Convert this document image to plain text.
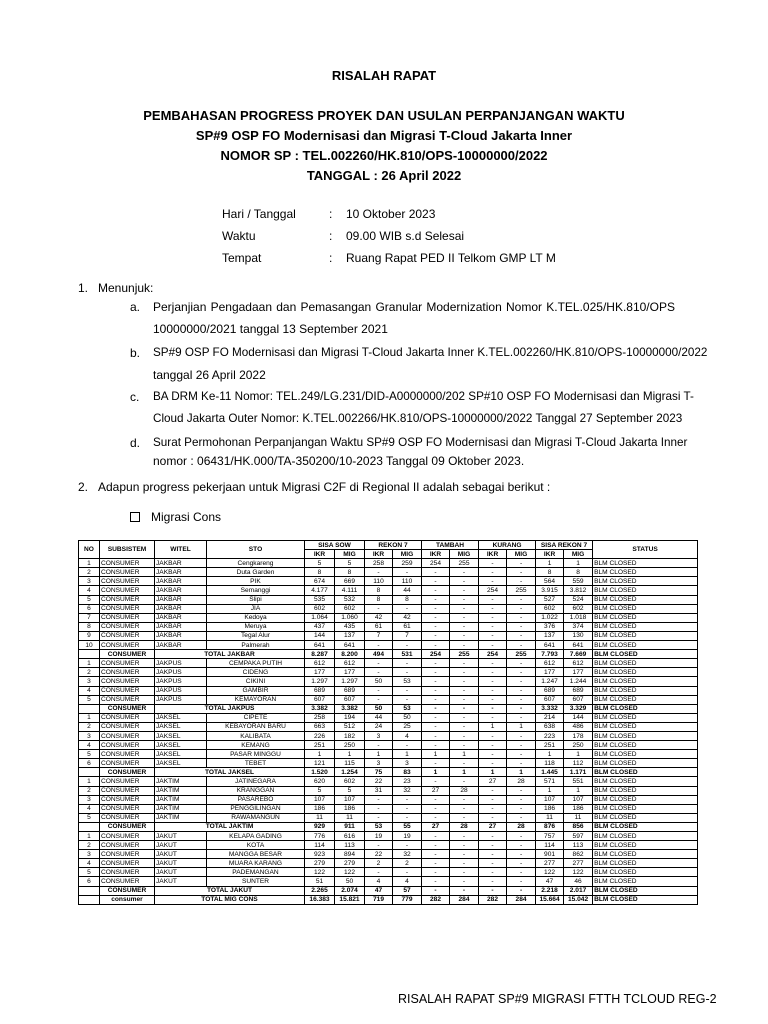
RISALAH RAPAT
PEMBAHASAN PROGRESS PROYEK DAN USULAN PERPANJANGAN WAKTU
SP#9 OSP FO Modernisasi dan Migrasi T-Cloud Jakarta Inner
NOMOR SP : TEL.002260/HK.810/OPS-10000000/2022
TANGGAL : 26 April 2022
Hari / Tanggal	: 10 Oktober 2023
Waktu	: 09.00 WIB s.d Selesai
Tempat	: Ruang Rapat PED II Telkom GMP LT M
1. Menunjuk:
a.	Perjanjian Pengadaan dan Pemasangan Granular Modernization Nomor K.TEL.025/HK.810/OPS
10000000/2021 tanggal 13 September 2021
b.	SP#9 OSP FO Modernisasi dan Migrasi T-Cloud Jakarta Inner K.TEL.002260/HK.810/OPS-10000000/2022
tanggal 26 April 2022
c.	BA DRM Ke-11 Nomor: TEL.249/LG.231/DID-A0000000/202 SP#10 OSP FO Modernisasi dan Migrasi T-
Cloud Jakarta Outer Nomor: K.TEL.002266/HK.810/OPS-10000000/2022 Tanggal 27 September 2023
d.	Surat Permohonan Perpanjangan Waktu SP#9 OSP FO Modernisasi dan Migrasi T-Cloud Jakarta Inner
nomor : 06431/HK.000/TA-350200/10-2023 Tanggal 09 Oktober 2023.
2. Adapun progress pekerjaan untuk Migrasi C2F di Regional II adalah sebagai berikut :
Migrasi Cons
NO	SUBSISTEM	WITEL	STO	SISA SOW		REKON 7		TAMBAH		KURANG		SISA REKON 7		STATUS
				IKR	MIG	IKR	MIG	IKR	MIG	IKR	MIG	IKR	MIG	
1	CONSUMER	JAKBAR	Cengkareng	5	5	258	259	254	255	-	-	1	1	BLM CLOSED
2	CONSUMER	JAKBAR	Duta Garden	8	8	-	-	-	-	-	-	8	8	BLM CLOSED
3	CONSUMER	JAKBAR	PIK	674	669	110	110	-	-	-	-	564	559	BLM CLOSED
4	CONSUMER	JAKBAR	Semanggi	4.177	4.111	8	44	-	-	254	255	3.915	3.812	BLM CLOSED
5	CONSUMER	JAKBAR	Slipi	535	532	8	8	-	-	-	-	527	524	BLM CLOSED
6	CONSUMER	JAKBAR	JIA	602	602	-	-	-	-	-	-	602	602	BLM CLOSED
7	CONSUMER	JAKBAR	Kedoya	1.064	1.060	42	42	-	-	-	-	1.022	1.018	BLM CLOSED
8	CONSUMER	JAKBAR	Meruya	437	435	61	61	-	-	-	-	376	374	BLM CLOSED
9	CONSUMER	JAKBAR	Tegal Alur	144	137	7	7	-	-	-	-	137	130	BLM CLOSED
10	CONSUMER	JAKBAR	Palmerah	641	641	-	-	-	-	-	-	641	641	BLM CLOSED
	CONSUMER	TOTAL JAKBAR		8.287	8.200	494	531	254	255	254	255	7.793	7.669	BLM CLOSED
1	CONSUMER	JAKPUS	CEMPAKA PUTIH	612	612	-	-	-	-	-	-	612	612	BLM CLOSED
2	CONSUMER	JAKPUS	CIDENG	177	177	-	-	-	-	-	-	177	177	BLM CLOSED
3	CONSUMER	JAKPUS	CIKINI	1.297	1.297	50	53	-	-	-	-	1.247	1.244	BLM CLOSED
4	CONSUMER	JAKPUS	GAMBIR	689	689	-	-	-	-	-	-	689	689	BLM CLOSED
5	CONSUMER	JAKPUS	KEMAYORAN	607	607	-	-	-	-	-	-	607	607	BLM CLOSED
	CONSUMER	TOTAL JAKPUS		3.382	3.382	50	53	-	-	-	-	3.332	3.329	BLM CLOSED
1	CONSUMER	JAKSEL	CIPETE	258	194	44	50	-	-	-	-	214	144	BLM CLOSED
2	CONSUMER	JAKSEL	KEBAYORAN BARU	663	512	24	25	-	-	1	1	638	486	BLM CLOSED
3	CONSUMER	JAKSEL	KALIBATA	226	182	3	4	-	-	-	-	223	178	BLM CLOSED
4	CONSUMER	JAKSEL	KEMANG	251	250	-	-	-	-	-	-	251	250	BLM CLOSED
5	CONSUMER	JAKSEL	PASAR MINGGU	1	1	1	1	1	1	-	-	1	1	BLM CLOSED
6	CONSUMER	JAKSEL	TEBET	121	115	3	3	-	-	-	-	118	112	BLM CLOSED
	CONSUMER	TOTAL JAKSEL		1.520	1.254	75	83	1	1	1	1	1.445	1.171	BLM CLOSED
1	CONSUMER	JAKTIM	JATINEGARA	620	602	22	23	-	-	27	28	571	551	BLM CLOSED
2	CONSUMER	JAKTIM	KRANGGAN	5	5	31	32	27	28	-	-	1	1	BLM CLOSED
3	CONSUMER	JAKTIM	PASAREBO	107	107	-	-	-	-	-	-	107	107	BLM CLOSED
4	CONSUMER	JAKTIM	PENGGILINGAN	186	186	-	-	-	-	-	-	186	186	BLM CLOSED
5	CONSUMER	JAKTIM	RAWAMANGUN	11	11	-	-	-	-	-	-	11	11	BLM CLOSED
	CONSUMER	TOTAL JAKTIM		929	911	53	55	27	28	27	28	876	856	BLM CLOSED
1	CONSUMER	JAKUT	KELAPA GADING	776	616	19	19	-	-	-	-	757	597	BLM CLOSED
2	CONSUMER	JAKUT	KOTA	114	113	-	-	-	-	-	-	114	113	BLM CLOSED
3	CONSUMER	JAKUT	MANGGA BESAR	923	894	22	32	-	-	-	-	901	862	BLM CLOSED
4	CONSUMER	JAKUT	MUARA KARANG	279	279	2	2	-	-	-	-	277	277	BLM CLOSED
5	CONSUMER	JAKUT	PADEMANGAN	122	122	-	-	-	-	-	-	122	122	BLM CLOSED
6	CONSUMER	JAKUT	SUNTER	51	50	4	4	-	-	-	-	47	46	BLM CLOSED
	CONSUMER	TOTAL JAKUT		2.265	2.074	47	57	-	-	-	-	2.218	2.017	BLM CLOSED
	consumer	TOTAL MIG CONS		16.383	15.821	719	779	282	284	282	284	15.664	15.042	BLM CLOSED
RISALAH RAPAT SP#9 MIGRASI FTTH TCLOUD REG-2
